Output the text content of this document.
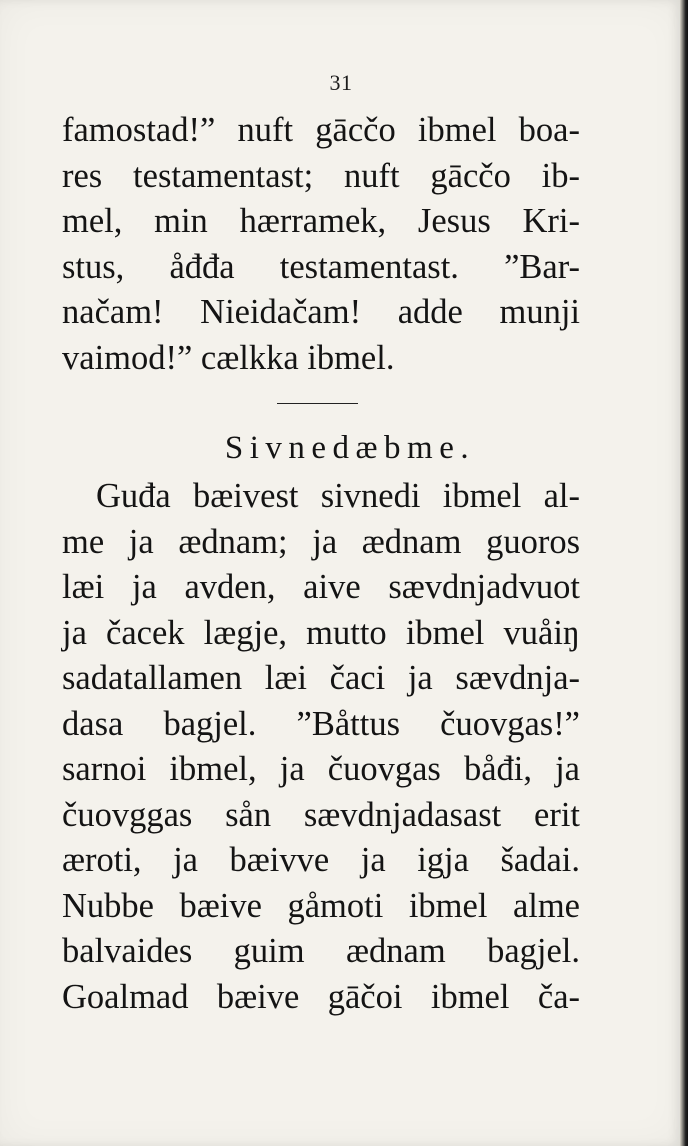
31
famostad!” nuft gācčo ibmel boa-
res testamentast; nuft gācčo ib-
mel, min hærramek, Jesus Kri-
stus, åđđa testamentast. ”Bar-
načam! Nieidačam! adde munji
vaimod!” cælkka ibmel.
Sivnedæbme.
Guđa bæivest sivnedi ibmel al-
me ja ædnam; ja ædnam guoros
læi ja avden, aive sævdnjadvuot
ja čacek lægje, mutto ibmel vuåiŋ
sadatallamen læi čaci ja sævdnja-
dasa bagjel. ”Båttus čuovgas!”
sarnoi ibmel, ja čuovgas båđi, ja
čuovggas sån sævdnjadasast erit
æroti, ja bæivve ja igja šadai.
Nubbe bæive gåmoti ibmel alme
balvaides guim ædnam bagjel.
Goalmad bæive gāčoi ibmel ča-
